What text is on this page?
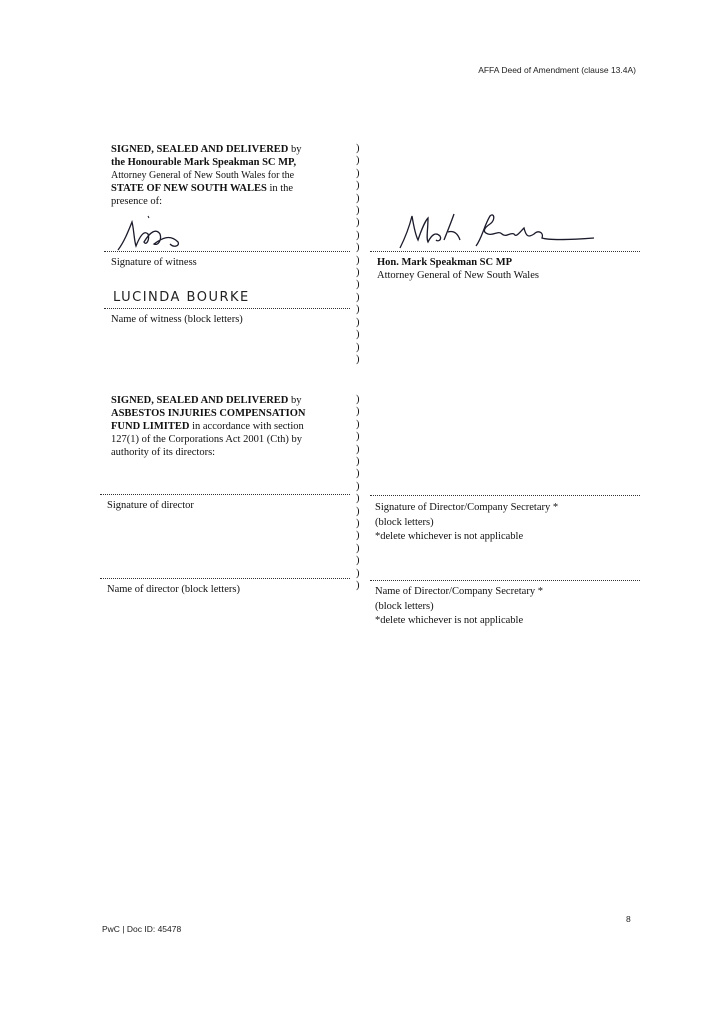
AFFA Deed of Amendment (clause 13.4A)
SIGNED, SEALED AND DELIVERED by
the Honourable Mark Speakman SC MP,
Attorney General of New South Wales for the
STATE OF NEW SOUTH WALES in the
presence of:
)
)
)
)
)
)
)
)
)
)
)
)
)
)
)
)
)
)
Signature of witness
LUCINDA BOURKE
Name of witness (block letters)
Hon. Mark Speakman SC MP
Attorney General of New South Wales
SIGNED, SEALED AND DELIVERED by
ASBESTOS INJURIES COMPENSATION
FUND LIMITED in accordance with section
127(1) of the Corporations Act 2001 (Cth) by
authority of its directors:
)
)
)
)
)
)
)
)
)
)
)
)
)
)
)
)
Signature of director	Signature of Director/Company Secretary *
(block letters)
*delete whichever is not applicable
Name of director (block letters)	Name of Director/Company Secretary *
(block letters)
*delete whichever is not applicable
PwC | Doc ID: 45478
8
